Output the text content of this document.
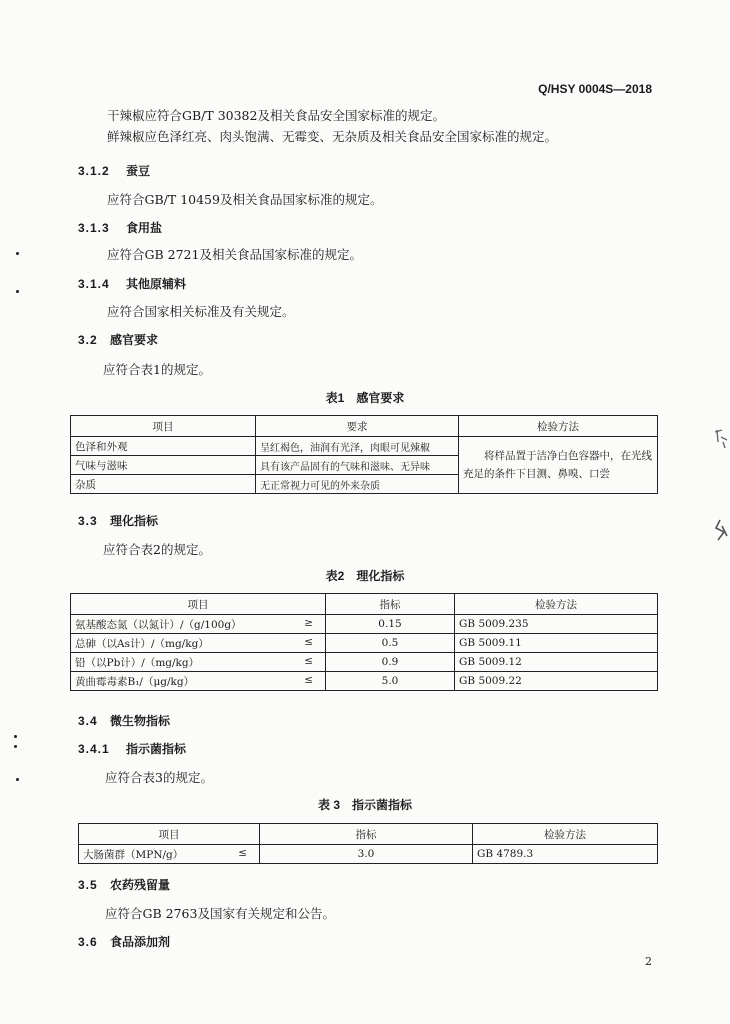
Q/HSY 0004S—2018
干辣椒应符合GB/T 30382及相关食品安全国家标准的规定。
鲜辣椒应色泽红亮、肉头饱满、无霉变、无杂质及相关食品安全国家标准的规定。
3.1.2 蚕豆
应符合GB/T 10459及相关食品国家标准的规定。
3.1.3 食用盐
应符合GB 2721及相关食品国家标准的规定。
3.1.4 其他原辅料
应符合国家相关标准及有关规定。
3.2 感官要求
应符合表1的规定。
表1　感官要求
项目	要求	检验方法
色泽和外观	呈红褐色，油润有光泽，肉眼可见辣椒	将样品置于洁净白色容器中，在光线充足的条件下目测、鼻嗅、口尝
气味与滋味	具有该产品固有的气味和滋味、无异味	
杂质	无正常视力可见的外来杂质	
3.3 理化指标
应符合表2的规定。
表2　理化指标
项目	指标	检验方法
氨基酸态氮（以氮计）/（g/100g） ≥	0.15	GB 5009.235
总砷（以As计）/（mg/kg） ≤	0.5	GB 5009.11
铅（以Pb计）/（mg/kg） ≤	0.9	GB 5009.12
黄曲霉毒素B₁/（μg/kg） ≤	5.0	GB 5009.22
3.4 微生物指标
3.4.1 指示菌指标
应符合表3的规定。
表 3　指示菌指标
项目	指标	检验方法
大肠菌群（MPN/g） ≤	3.0	GB 4789.3
3.5 农药残留量
应符合GB 2763及国家有关规定和公告。
3.6 食品添加剂
2
